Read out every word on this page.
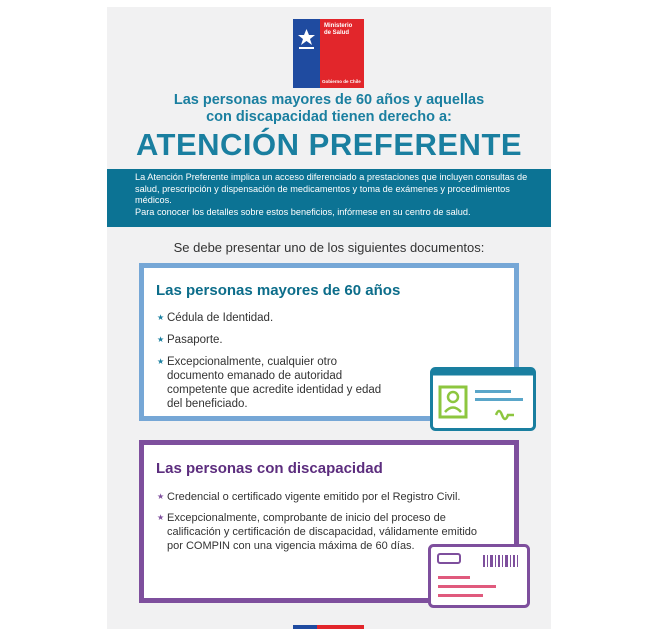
Ministerio de Salud
Gobierno de Chile
Las personas mayores de 60 años y aquellas
con discapacidad tienen derecho a:
ATENCIÓN PREFERENTE

La Atención Preferente implica un acceso diferenciado a prestaciones que incluyen consultas de salud, prescripción y dispensación de medicamentos y toma de exámenes y procedimientos médicos.

Para conocer los detalles sobre estos beneficios, infórmese en su centro de salud.

Se debe presentar uno de los siguientes documentos:
Las personas mayores de 60 años
★ Cédula de Identidad.
★ Pasaporte.
★ Excepcionalmente, cualquier otro documento emanado de autoridad competente que acredite identidad y edad del beneficiado.
Las personas con discapacidad
★ Credencial o certificado vigente emitido por el Registro Civil.
★ Excepcionalmente, comprobante de inicio del proceso de calificación y certificación de discapacidad, válidamente emitido por COMPIN con una vigencia máxima de 60 días.
